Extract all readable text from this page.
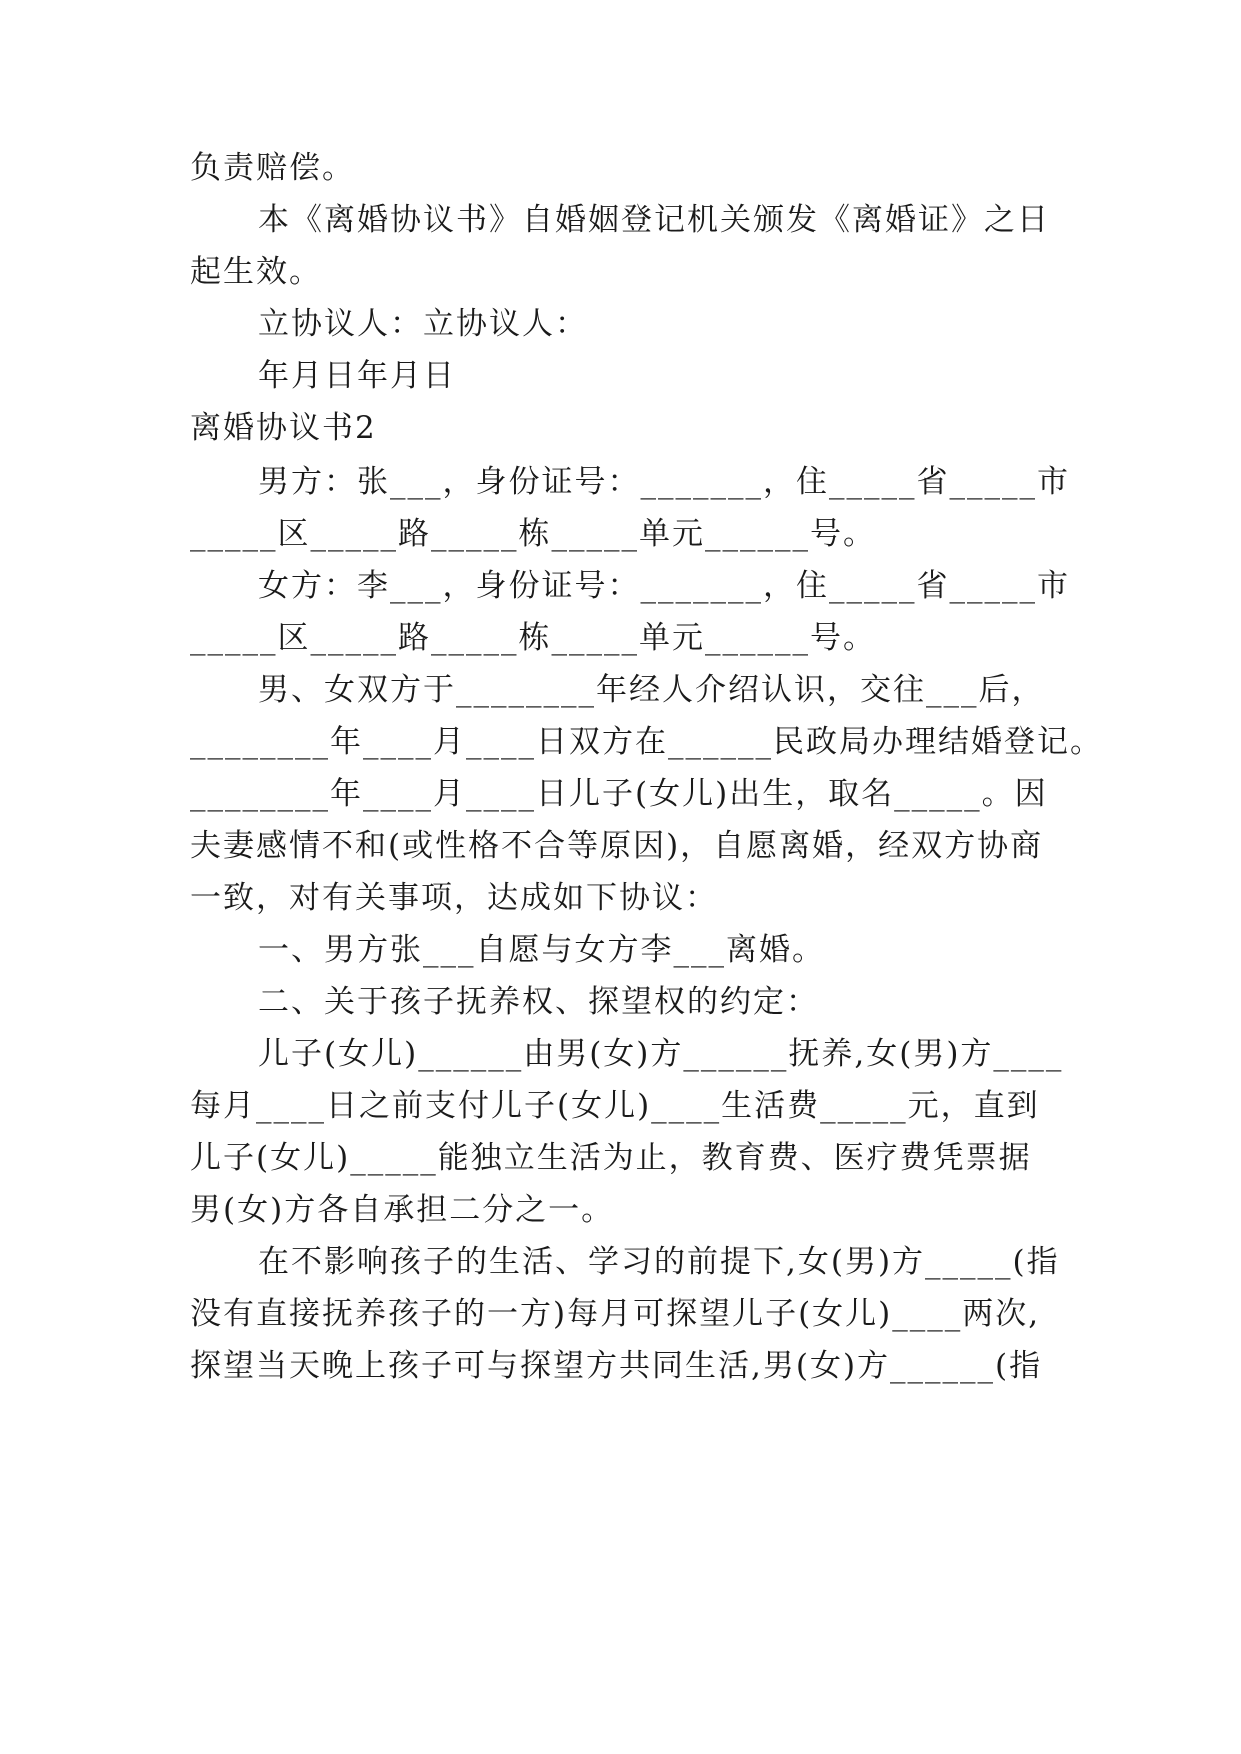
负责赔偿。
本《离婚协议书》自婚姻登记机关颁发《离婚证》之日
起生效。
立协议人：立协议人：
年月日年月日
离婚协议书2
男方：张___，身份证号：_______，住_____省_____市
_____区_____路_____栋_____单元______号。
女方：李___，身份证号：_______，住_____省_____市
_____区_____路_____栋_____单元______号。
男、女双方于________年经人介绍认识，交往___后，
________年____月____日双方在______民政局办理结婚登记。
________年____月____日儿子(女儿)出生，取名_____。因
夫妻感情不和(或性格不合等原因)，自愿离婚，经双方协商
一致，对有关事项，达成如下协议：
一、男方张___自愿与女方李___离婚。
二、关于孩子抚养权、探望权的约定：
儿子(女儿)______由男(女)方______抚养,女(男)方____
每月____日之前支付儿子(女儿)____生活费_____元，直到
儿子(女儿)_____能独立生活为止，教育费、医疗费凭票据
男(女)方各自承担二分之一。
在不影响孩子的生活、学习的前提下,女(男)方_____(指
没有直接抚养孩子的一方)每月可探望儿子(女儿)____两次,
探望当天晚上孩子可与探望方共同生活,男(女)方______(指
